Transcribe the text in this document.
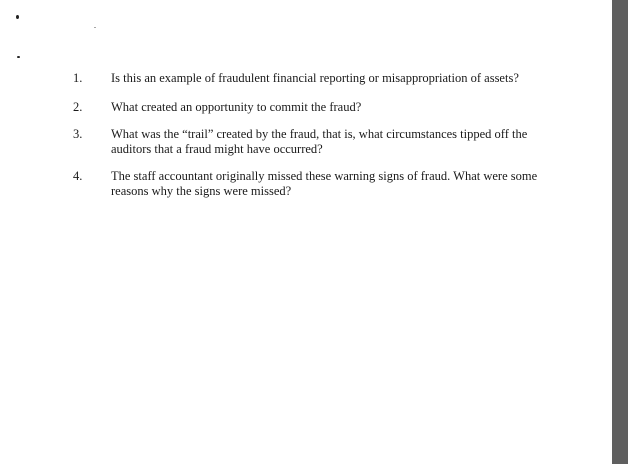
1. Is this an example of fraudulent financial reporting or misappropriation of assets?
2. What created an opportunity to commit the fraud?
3. What was the “trail” created by the fraud, that is, what circumstances tipped off the auditors that a fraud might have occurred?
4. The staff accountant originally missed these warning signs of fraud. What were some reasons why the signs were missed?
